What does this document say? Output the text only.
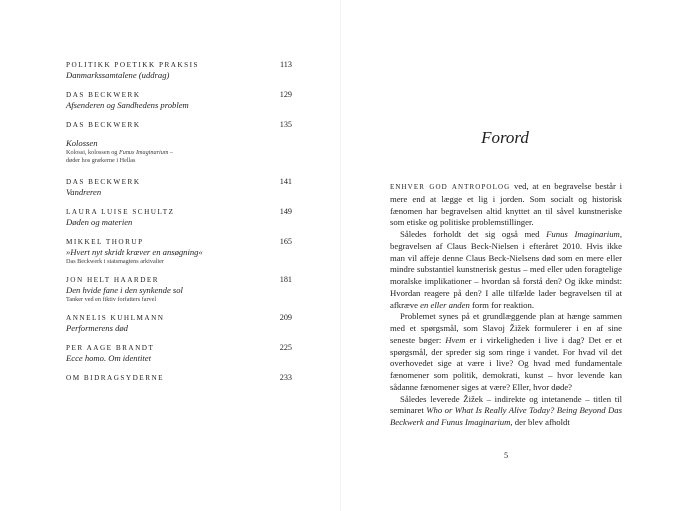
POLITIKK POETIKK PRAKSIS
Danmarkssamtalene (uddrag)
113
DAS BECKWERK
Afsenderen og Sandhedens problem
129
DAS BECKWERK	135
Kolossen
Kolossi, kolossen og Funus Imaginarium –
døder hos grækerne i Hellas
DAS BECKWERK
Vandreren
141
LAURA LUISE SCHULTZ
Døden og materien
149
MIKKEL THORUP
»Hvert nyt skridt kræver en ansøgning«
Das Beckwerk i statsmagtens arkivalier
165
JON HELT HAARDER
Den hvide fane i den synkende sol
Tanker ved en fiktiv forfatters farvel
181
ANNELIS KUHLMANN
Performerens død
209
PER AAGE BRANDT
Ecce homo. Om identitet
225
OM BIDRAGSYDERNE	233
Forord

ENHVER GOD ANTROPOLOG ved, at en begravelse består i mere end at lægge et lig i jorden. Som socialt og historisk fænomen har begravelsen altid knyttet an til såvel kunstneriske som etiske og politiske problemstillinger.

Således forholdt det sig også med Funus Imaginarium, begravelsen af Claus Beck-Nielsen i efteråret 2010. Hvis ikke man vil affeje denne Claus Beck-Nielsens død som en mere eller mindre substantiel kunstnerisk gestus – med eller uden foragtelige moralske implikationer – hvordan så forstå den? Og ikke mindst: Hvordan reagere på den? I alle tilfælde lader begravelsen til at afkræve en eller anden form for reaktion.

Problemet synes på et grundlæggende plan at hænge sammen med et spørgsmål, som Slavoj Žižek formulerer i en af sine seneste bøger: Hvem er i virkeligheden i live i dag? Det er et spørgsmål, der spreder sig som ringe i vandet. For hvad vil det overhovedet sige at være i live? Og hvad med fundamentale fænomener som politik, demokrati, kunst – hvor levende kan sådanne fænomener siges at være? Eller, hvor døde?

Således leverede Žižek – indirekte og intetanende – titlen til seminaret Who or What Is Really Alive Today? Being Beyond Das Beckwerk and Funus Imaginarium, der blev afholdt

5
